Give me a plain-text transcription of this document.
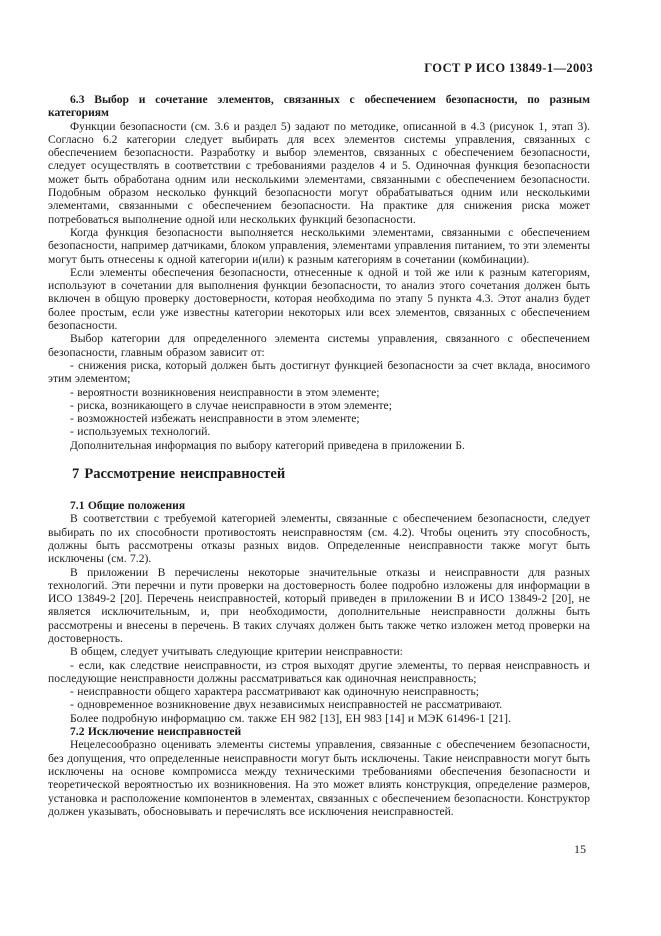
ГОСТ Р ИСО 13849-1—2003
6.3 Выбор и сочетание элементов, связанных с обеспечением безопасности, по разным категориям
Функции безопасности (см. 3.6 и раздел 5) задают по методике, описанной в 4.3 (рисунок 1, этап 3). Согласно 6.2 категории следует выбирать для всех элементов системы управления, связанных с обеспечением безопасности. Разработку и выбор элементов, связанных с обеспечением безопасности, следует осуществлять в соответствии с требованиями разделов 4 и 5. Одиночная функция безопасности может быть обработана одним или несколькими элементами, связанными с обеспечением безопасности. Подобным образом несколько функций безопасности могут обрабатываться одним или несколькими элементами, связанными с обеспечением безопасности. На практике для снижения риска может потребоваться выполнение одной или нескольких функций безопасности.
Когда функция безопасности выполняется несколькими элементами, связанными с обеспечением безопасности, например датчиками, блоком управления, элементами управления питанием, то эти элементы могут быть отнесены к одной категории и(или) к разным категориям в сочетании (комбинации).
Если элементы обеспечения безопасности, отнесенные к одной и той же или к разным категориям, используют в сочетании для выполнения функции безопасности, то анализ этого сочетания должен быть включен в общую проверку достоверности, которая необходима по этапу 5 пункта 4.3. Этот анализ будет более простым, если уже известны категории некоторых или всех элементов, связанных с обеспечением безопасности.
Выбор категории для определенного элемента системы управления, связанного с обеспечением безопасности, главным образом зависит от:
- снижения риска, который должен быть достигнут функцией безопасности за счет вклада, вносимого этим элементом;
- вероятности возникновения неисправности в этом элементе;
- риска, возникающего в случае неисправности в этом элементе;
- возможностей избежать неисправности в этом элементе;
- используемых технологий.
Дополнительная информация по выбору категорий приведена в приложении Б.
7 Рассмотрение неисправностей
7.1 Общие положения
В соответствии с требуемой категорией элементы, связанные с обеспечением безопасности, следует выбирать по их способности противостоять неисправностям (см. 4.2). Чтобы оценить эту способность, должны быть рассмотрены отказы разных видов. Определенные неисправности также могут быть исключены (см. 7.2).
В приложении В перечислены некоторые значительные отказы и неисправности для разных технологий. Эти перечни и пути проверки на достоверность более подробно изложены для информации в ИСО 13849-2 [20]. Перечень неисправностей, который приведен в приложении В и ИСО 13849-2 [20], не является исключительным, и, при необходимости, дополнительные неисправности должны быть рассмотрены и внесены в перечень. В таких случаях должен быть также четко изложен метод проверки на достоверность.
В общем, следует учитывать следующие критерии неисправности:
- если, как следствие неисправности, из строя выходят другие элементы, то первая неисправность и последующие неисправности должны рассматриваться как одиночная неисправность;
- неисправности общего характера рассматривают как одиночную неисправность;
- одновременное возникновение двух независимых неисправностей не рассматривают.
Более подробную информацию см. также ЕН 982 [13], ЕН 983 [14] и МЭК 61496-1 [21].
7.2 Исключение неисправностей
Нецелесообразно оценивать элементы системы управления, связанные с обеспечением безопасности, без допущения, что определенные неисправности могут быть исключены. Такие неисправности могут быть исключены на основе компромисса между техническими требованиями обеспечения безопасности и теоретической вероятностью их возникновения. На это может влиять конструкция, определение размеров, установка и расположение компонентов в элементах, связанных с обеспечением безопасности. Конструктор должен указывать, обосновывать и перечислять все исключения неисправностей.
15
